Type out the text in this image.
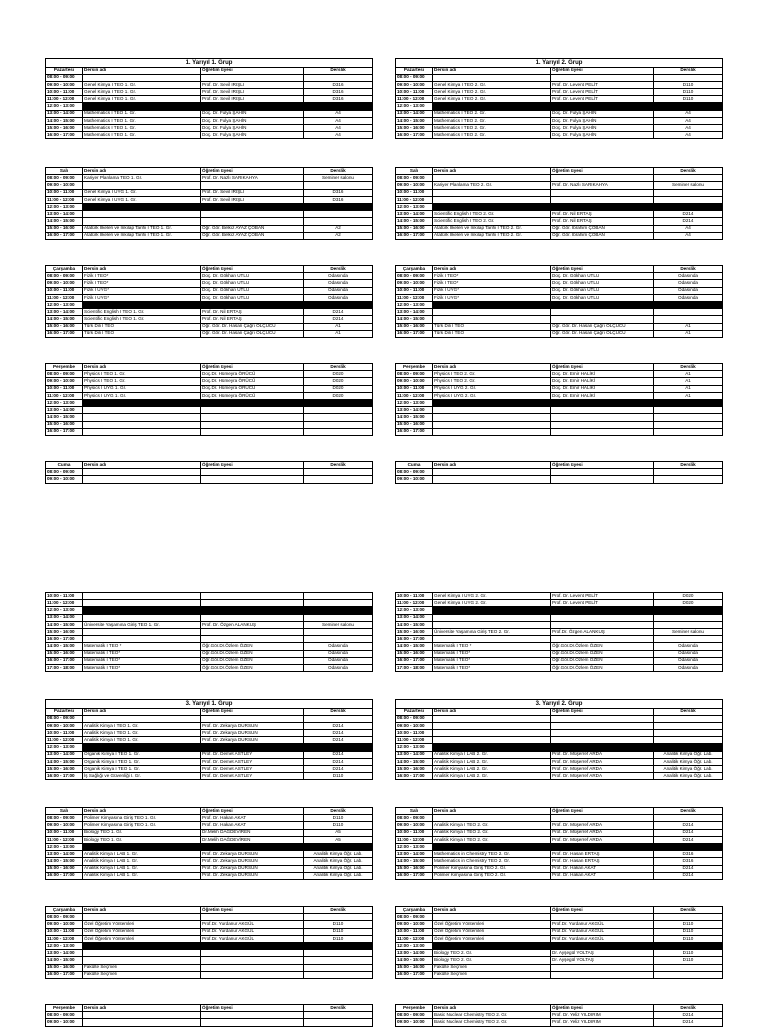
1. Yarıyıl 1. Grup			
Pazartesi	Dersin adı	Öğretim üyesi	Derslik
08:00 - 09:00			
09:00 - 10:00	Genel Kimya I TEO 1. Gr.	Prof. Dr. Sevil IRIŞLI	D316
10:00 - 11:00	Genel Kimya I TEO 1. Gr.	Prof. Dr. Sevil IRIŞLI	D316
11:00 - 12:00	Genel Kimya I TEO 1. Gr.	Prof. Dr. Sevil IRIŞLI	D316
12:00 - 13:00			
13:00 - 14:00	Mathematics I TEO 1. Gr.	Doç. Dr. Fulya ŞAHİN	A4
14:00 - 15:00	Mathematics I TEO 1. Gr.	Doç. Dr. Fulya ŞAHİN	A4
15:00 - 16:00	Mathematics I TEO 1. Gr.	Doç. Dr. Fulya ŞAHİN	A4
16:00 - 17:00	Mathematics I TEO 1. Gr.	Doç. Dr. Fulya ŞAHİN	A4
1. Yarıyıl 2. Grup			
Pazartesi	Dersin adı	Öğretim üyesi	Derslik
08:00 - 09:00			
09:00 - 10:00	Genel Kimya I TEO 2. Gr.	Prof. Dr. Levent PELİT	D110
10:00 - 11:00	Genel Kimya I TEO 2. Gr.	Prof. Dr. Levent PELİT	D110
11:00 - 12:00	Genel Kimya I TEO 2. Gr.	Prof. Dr. Levent PELİT	D110
12:00 - 13:00			
13:00 - 14:00	Mathematics I TEO 2. Gr.	Doç. Dr. Fulya ŞAHİN	A4
14:00 - 15:00	Mathematics I TEO 2. Gr.	Doç. Dr. Fulya ŞAHİN	A4
15:00 - 16:00	Mathematics I TEO 2. Gr.	Doç. Dr. Fulya ŞAHİN	A4
16:00 - 17:00	Mathematics I TEO 2. Gr.	Doç. Dr. Fulya ŞAHİN	A4
Salı	Dersin adı	Öğretim üyesi	Derslik
08:00 - 09:00	Kariyer Planlama TEO 1. Gr.	Prof. Dr. Nazlı SARIKAHYA	Seminer salonu
09:00 - 10:00			
10:00 - 11:00	Genel Kimya I UYG 1. Gr.	Prof. Dr. Sevil IRIŞLI	D316
11:00 - 12:00	Genel Kimya I UYG 1. Gr.	Prof. Dr. Sevil IRIŞLI	D316
12:00 - 13:00			
13:00 - 14:00			
14:00 - 15:00			
15:00 - 16:00	Atatürk İlkeleri ve İnkılap Tarihi I TEO 1. Gr.	Öğr. Gör. Belkız AYAZ ÇOBAN	A2
16:00 - 17:00	Atatürk İlkeleri ve İnkılap Tarihi I TEO 1. Gr.	Öğr. Gör. Belkız AYAZ ÇOBAN	A2
Salı	Dersin adı	Öğretim üyesi	Derslik
08:00 - 09:00			
09:00 - 10:00	Kariyer Planlama TEO 2. Gr.	Prof. Dr. Nazlı SARIKAHYA	Seminer salonu
10:00 - 11:00			
11:00 - 12:00			
12:00 - 13:00			
13:00 - 14:00	Scientific English I TEO 2. Gr.	Prof. Dr. Nil ERTAŞ	D214
14:00 - 15:00	Scientific English I TEO 2. Gr.	Prof. Dr. Nil ERTAŞ	D214
15:00 - 16:00	Atatürk İlkeleri ve İnkılap Tarihi I TEO 2. Gr.	Öğr. Gör. İbrahim ÇOBAN	A4
16:00 - 17:00	Atatürk İlkeleri ve İnkılap Tarihi I TEO 2. Gr.	Öğr. Gör. İbrahim ÇOBAN	A4
Çarşamba	Dersin adı	Öğretim üyesi	Derslik
08:00 - 09:00	Fizik I TEO*	Doç. Dr. Gökhan UTLU	Odasında
09:00 - 10:00	Fizik I TEO*	Doç. Dr. Gökhan UTLU	Odasında
10:00 - 11:00	Fizik I UYG*	Doç. Dr. Gökhan UTLU	Odasında
11:00 - 12:00	Fizik I UYG*	Doç. Dr. Gökhan UTLU	Odasında
12:00 - 13:00			
13:00 - 14:00	Scientific English I TEO 1. Gr.	Prof. Dr. Nil ERTAŞ	D214
14:00 - 15:00	Scientific English I TEO 1. Gr.	Prof. Dr. Nil ERTAŞ	D214
15:00 - 16:00	Türk Dili I TEO	Öğr. Gör. Dr. Hasan Çağrı ÖLÇÜCÜ	A1
16:00 - 17:00	Türk Dili I TEO	Öğr. Gör. Dr. Hasan Çağrı ÖLÇÜCÜ	A1
Çarşamba	Dersin adı	Öğretim üyesi	Derslik
08:00 - 09:00	Fizik I TEO*	Doç. Dr. Gökhan UTLU	Odasında
09:00 - 10:00	Fizik I TEO*	Doç. Dr. Gökhan UTLU	Odasında
10:00 - 11:00	Fizik I UYG*	Doç. Dr. Gökhan UTLU	Odasında
11:00 - 12:00	Fizik I UYG*	Doç. Dr. Gökhan UTLU	Odasında
12:00 - 13:00			
13:00 - 14:00			
14:00 - 15:00			
15:00 - 16:00	Türk Dili I TEO	Öğr. Gör. Dr. Hasan Çağrı ÖLÇÜCÜ	A1
16:00 - 17:00	Türk Dili I TEO	Öğr. Gör. Dr. Hasan Çağrı ÖLÇÜCÜ	A1
Perşembe	Dersin adı	Öğretim üyesi	Derslik
08:00 - 09:00	Physics I TEO 1. Gr.	Doç.Dr. Hümeyra ÖRÜCÜ	D020
09:00 - 10:00	Physics I TEO 1. Gr.	Doç.Dr. Hümeyra ÖRÜCÜ	D020
10:00 - 11:00	Physics I UYG 1. Gr.	Doç.Dr. Hümeyra ÖRÜCÜ	D020
11:00 - 12:00	Physics I UYG 1. Gr.	Doç.Dr. Hümeyra ÖRÜCÜ	D020
12:00 - 13:00			
13:00 - 14:00			
14:00 - 15:00			
15:00 - 16:00			
16:00 - 17:00			
Perşembe	Dersin adı	Öğretim üyesi	Derslik
08:00 - 09:00	Physics I TEO 2. Gr.	Doç. Dr. Emir HALİKİ	A1
09:00 - 10:00	Physics I TEO 2. Gr.	Doç. Dr. Emir HALİKİ	A1
10:00 - 11:00	Physics I UYG 2. Gr.	Doç. Dr. Emir HALİKİ	A1
11:00 - 12:00	Physics I UYG 2. Gr.	Doç. Dr. Emir HALİKİ	A1
12:00 - 13:00			
13:00 - 14:00			
14:00 - 15:00			
15:00 - 16:00			
16:00 - 17:00			
Cuma	Dersin adı	Öğretim üyesi	Derslik
08:00 - 09:00			
09:00 - 10:00			
Cuma	Dersin adı	Öğretim üyesi	Derslik
08:00 - 09:00			
09:00 - 10:00			
10:00 - 11:00			
11:00 - 12:00			
12:00 - 13:00			
13:00 - 14:00			
14:00 - 15:00	Üniversite Yaşamına Giriş TEO 1. Gr.	Prof. Dr. Özgen ALANKUŞ	Seminer salonu
15:00 - 16:00			
16:00 - 17:00			
14:00 - 15:00	Matematik I TEO *	Öğr.Gör.Dr.Özlem ÖZEN	Odasında
15:00 - 16:00	Matematik I TEO*	Öğr.Gör.Dr.Özlem ÖZEN	Odasında
16:00 - 17:00	Matematik I TEO*	Öğr.Gör.Dr.Özlem ÖZEN	Odasında
17:00 - 18:00	Matematik I TEO*	Öğr.Gör.Dr.Özlem ÖZEN	Odasında
10:00 - 11:00	Genel Kimya I UYG 2. Gr.	Prof. Dr. Levent PELİT	D020
11:00 - 12:00	Genel Kimya I UYG 2. Gr.	Prof. Dr. Levent PELİT	D020
12:00 - 13:00			
13:00 - 14:00			
14:00 - 15:00			
15:00 - 16:00	Üniversite Yaşamına Giriş TEO 2. Gr.	Prof.Dr. Özgen ALANKUŞ	Seminer salonu
16:00 - 17:00			
14:00 - 15:00	Matematik I TEO *	Öğr.Gör.Dr.Özlem ÖZEN	Odasında
15:00 - 16:00	Matematik I TEO*	Öğr.Gör.Dr.Özlem ÖZEN	Odasında
16:00 - 17:00	Matematik I TEO*	Öğr.Gör.Dr.Özlem ÖZEN	Odasında
17:00 - 18:00	Matematik I TEO*	Öğr.Gör.Dr.Özlem ÖZEN	Odasında
3. Yarıyıl 1. Grup			
Pazartesi	Dersin adı	Öğretim üyesi	Derslik
08:00 - 09:00			
09:00 - 10:00	Analitik Kimya I TEO 1. Gr.	Prof. Dr. Zekarya DURSUN	D214
10:00 - 11:00	Analitik Kimya I TEO 1. Gr.	Prof. Dr. Zekarya DURSUN	D214
11:00 - 12:00	Analitik Kimya I TEO 1. Gr.	Prof. Dr. Zekarya DURSUN	D214
12:00 - 13:00			
13:00 - 14:00	Organik Kimya I TEO 1. Gr.	Prof. Dr. Demet ASTLEY	D214
14:00 - 15:00	Organik Kimya I TEO 1. Gr.	Prof. Dr. Demet ASTLEY	D214
15:00 - 16:00	Organik Kimya I TEO 1. Gr.	Prof. Dr. Demet ASTLEY	D214
16:00 - 17:00	İş Sağlığı ve Güvenliği I. Gr.	Prof. Dr. Demet ASTLEY	D110
3. Yarıyıl 2. Grup			
Pazartesi	Dersin adı	Öğretim üyesi	Derslik
08:00 - 09:00			
09:00 - 10:00			
10:00 - 11:00			
11:00 - 12:00			
12:00 - 13:00			
13:00 - 14:00	Analitik Kimya I LAB 2. Gr.	Prof. Dr. Müşerref ARDA	Analitik Kimya Öğr. Lab.
14:00 - 15:00	Analitik Kimya I LAB 2. Gr.	Prof. Dr. Müşerref ARDA	Analitik Kimya Öğr. Lab.
15:00 - 16:00	Analitik Kimya I LAB 2. Gr.	Prof. Dr. Müşerref ARDA	Analitik Kimya Öğr. Lab.
16:00 - 17:00	Analitik Kimya I LAB 2. Gr.	Prof. Dr. Müşerref ARDA	Analitik Kimya Öğr. Lab.
Salı	Dersin adı	Öğretim üyesi	Derslik
08:00 - 09:00	Polimer Kimyasına Giriş TEO 1. Gr.	Prof. Dr. Hakan AKAT	D110
09:00 - 10:00	Polimer Kimyasına Giriş TEO 1. Gr.	Prof. Dr. Hakan AKAT	D110
10:00 - 11:00	Biology TEO 1. Gr.	Dr.Melih DAĞDEVİREN	A5
11:00 - 12:00	Biology TEO 1. Gr.	Dr.Melih DAĞDEVİREN	A5
12:00 - 13:00			
13:00 - 14:00	Analitik Kimya I LAB 1. Gr.	Prof. Dr. Zekarya DURSUN	Analitik Kimya Öğr. Lab.
14:00 - 15:00	Analitik Kimya I LAB 1. Gr.	Prof. Dr. Zekarya DURSUN	Analitik Kimya Öğr. Lab.
15:00 - 16:00	Analitik Kimya I LAB 1. Gr.	Prof. Dr. Zekarya DURSUN	Analitik Kimya Öğr. Lab.
16:00 - 17:00	Analitik Kimya I LAB 1. Gr.	Prof. Dr. Zekarya DURSUN	Analitik Kimya Öğr. Lab.
Salı	Dersin adı	Öğretim üyesi	Derslik
08:00 - 09:00			
09:00 - 10:00	Analitik Kimya I TEO 2. Gr.	Prof. Dr. Müşerref ARDA	D214
10:00 - 11:00	Analitik Kimya I TEO 2. Gr.	Prof. Dr. Müşerref ARDA	D214
11:00 - 12:00	Analitik Kimya I TEO 2. Gr.	Prof. Dr. Müşerref ARDA	D214
12:00 - 13:00			
13:00 - 14:00	Mathematics in Chemistry TEO 2. Gr.	Prof. Dr. Hasan ERTAŞ	D316
14:00 - 15:00	Mathematics in Chemistry TEO 2. Gr.	Prof. Dr. Hasan ERTAŞ	D316
15:00 - 16:00	Polimer Kimyasına Giriş TEO 2. Gr.	Prof. Dr. Hakan AKAT	D214
16:00 - 17:00	Polimer Kimyasına Giriş TEO 2. Gr.	Prof. Dr. Hakan AKAT	D214
Çarşamba	Dersin adı	Öğretim üyesi	Derslik
08:00 - 09:00			
09:00 - 10:00	Özel Öğretim Yöntemleri	Prof.Dr. Yurdanur AKGÜL	D110
10:00 - 11:00	Özel Öğretim Yöntemleri	Prof.Dr. Yurdanur AKGÜL	D110
11:00 - 12:00	Özel Öğretim Yöntemleri	Prof.Dr. Yurdanur AKGÜL	D110
12:00 - 13:00			
13:00 - 14:00			
14:00 - 15:00			
15:00 - 16:00	Fakülte Seçmeli		
16:00 - 17:00	Fakülte Seçmeli		
Çarşamba	Dersin adı	Öğretim üyesi	Derslik
08:00 - 09:00			
09:00 - 10:00	Özel Öğretim Yöntemleri	Prof.Dr. Yurdanur AKGÜL	D110
10:00 - 11:00	Özel Öğretim Yöntemleri	Prof.Dr. Yurdanur AKGÜL	D110
11:00 - 12:00	Özel Öğretim Yöntemleri	Prof.Dr. Yurdanur AKGÜL	D110
12:00 - 13:00			
13:00 - 14:00	Biology TEO 2. Gr.	Dr. Ayşegül YOLTAŞ	D110
14:00 - 15:00	Biology TEO 2. Gr.	Dr. Ayşegül YOLTAŞ	D110
15:00 - 16:00	Fakülte Seçmeli		
16:00 - 17:00	Fakülte Seçmeli		
Perşembe	Dersin adı	Öğretim üyesi	Derslik
08:00 - 09:00			
09:00 - 10:00			
Perşembe	Dersin adı	Öğretim üyesi	Derslik
08:00 - 09:00	Basic Nuclear Chemistry TEO 2. Gr.	Prof. Dr. Yeliz YILDIRIM	D214
09:00 - 10:00	Basic Nuclear Chemistry TEO 2. Gr.	Prof. Dr. Yeliz YILDIRIM	D214
